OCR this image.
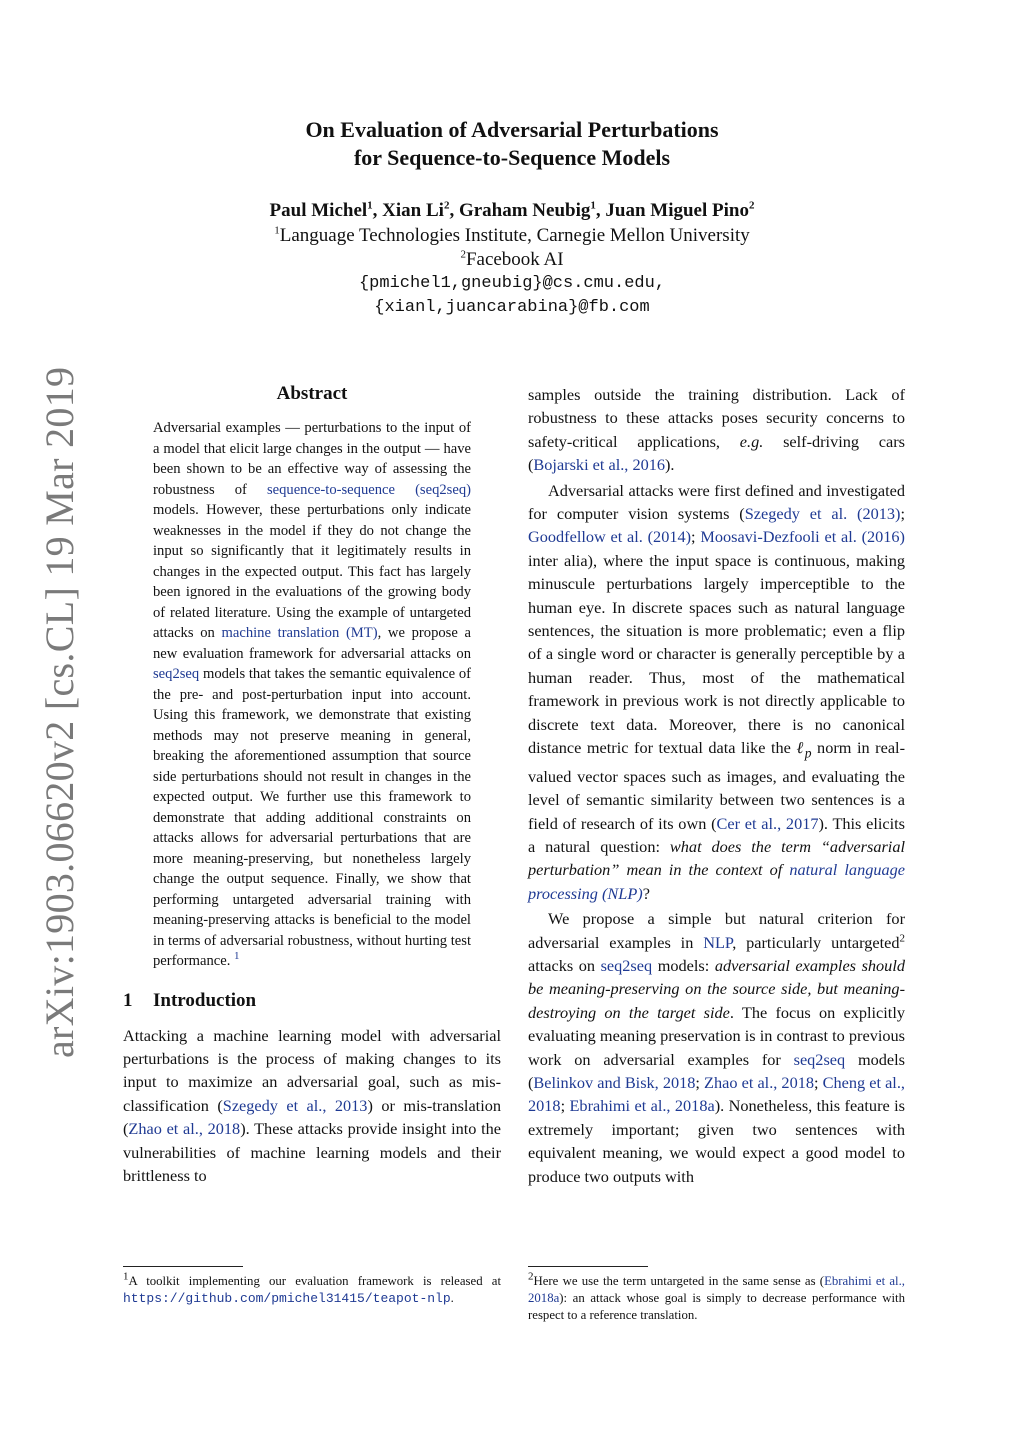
arXiv:1903.06620v2 [cs.CL] 19 Mar 2019
On Evaluation of Adversarial Perturbations
for Sequence-to-Sequence Models
Paul Michel$^1$, Xian Li$^2$, Graham Neubig$^1$, Juan Miguel Pino$^2$
$^1$Language Technologies Institute, Carnegie Mellon University
$^2$Facebook AI
{pmichel1,gneubig}@cs.cmu.edu,
{xianl,juancarabina}@fb.com
Abstract

Adversarial examples — perturbations to the input of a model that elicit large changes in the output — have been shown to be an effective way of assessing the robustness of sequence-to-sequence (seq2seq) models. However, these perturbations only indicate weaknesses in the model if they do not change the input so significantly that it legitimately results in changes in the expected output. This fact has largely been ignored in the evaluations of the growing body of related literature. Using the example of untargeted attacks on machine translation (MT), we propose a new evaluation framework for adversarial attacks on seq2seq models that takes the semantic equivalence of the pre- and post-perturbation input into account. Using this framework, we demonstrate that existing methods may not preserve meaning in general, breaking the aforementioned assumption that source side perturbations should not result in changes in the expected output. We further use this framework to demonstrate that adding additional constraints on attacks allows for adversarial perturbations that are more meaning-preserving, but nonetheless largely change the output sequence. Finally, we show that performing untargeted adversarial training with meaning-preserving attacks is beneficial to the model in terms of adversarial robustness, without hurting test performance. $^1$

1 Introduction

Attacking a machine learning model with adversarial perturbations is the process of making changes to its input to maximize an adversarial goal, such as mis-classification (Szegedy et al., 2013) or mis-translation (Zhao et al., 2018). These attacks provide insight into the vulnerabilities of machine learning models and their brittleness to

$^1$A toolkit implementing our evaluation framework is released at https://github.com/pmichel31415/teapot-nlp.

samples outside the training distribution. Lack of robustness to these attacks poses security concerns to safety-critical applications, e.g. self-driving cars (Bojarski et al., 2016).

Adversarial attacks were first defined and investigated for computer vision systems (Szegedy et al. (2013); Goodfellow et al. (2014); Moosavi-Dezfooli et al. (2016) inter alia), where the input space is continuous, making minuscule perturbations largely imperceptible to the human eye. In discrete spaces such as natural language sentences, the situation is more problematic; even a flip of a single word or character is generally perceptible by a human reader. Thus, most of the mathematical framework in previous work is not directly applicable to discrete text data. Moreover, there is no canonical distance metric for textual data like the ℓ$_p$ norm in real-valued vector spaces such as images, and evaluating the level of semantic similarity between two sentences is a field of research of its own (Cer et al., 2017). This elicits a natural question: what does the term “adversarial perturbation” mean in the context of natural language processing (NLP)?

We propose a simple but natural criterion for adversarial examples in NLP, particularly untargeted$^2$ attacks on seq2seq models: adversarial examples should be meaning-preserving on the source side, but meaning-destroying on the target side. The focus on explicitly evaluating meaning preservation is in contrast to previous work on adversarial examples for seq2seq models (Belinkov and Bisk, 2018; Zhao et al., 2018; Cheng et al., 2018; Ebrahimi et al., 2018a). Nonetheless, this feature is extremely important; given two sentences with equivalent meaning, we would expect a good model to produce two outputs with

$^2$Here we use the term untargeted in the same sense as (Ebrahimi et al., 2018a): an attack whose goal is simply to decrease performance with respect to a reference translation.
